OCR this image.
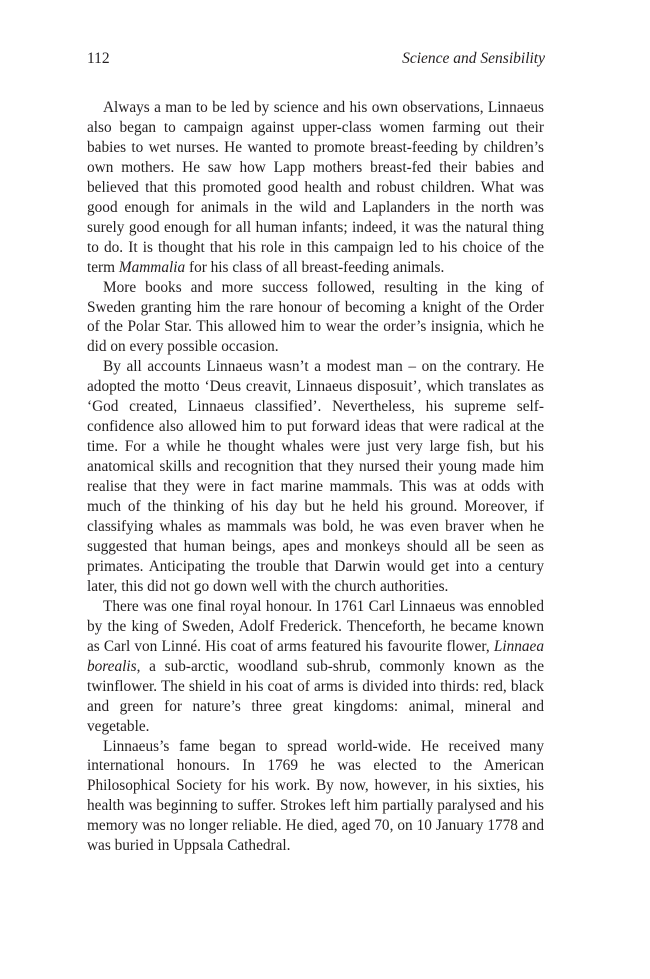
112	Science and Sensibility

Always a man to be led by science and his own observations, Linnaeus also began to campaign against upper-class women farming out their babies to wet nurses. He wanted to promote breast-feeding by children’s own mothers. He saw how Lapp mothers breast-fed their babies and believed that this promoted good health and robust children. What was good enough for animals in the wild and Laplanders in the north was surely good enough for all human infants; indeed, it was the natural thing to do. It is thought that his role in this campaign led to his choice of the term Mammalia for his class of all breast-feeding animals.

More books and more success followed, resulting in the king of Sweden granting him the rare honour of becoming a knight of the Order of the Polar Star. This allowed him to wear the order’s insignia, which he did on every possible occasion.

By all accounts Linnaeus wasn’t a modest man – on the contrary. He adopted the motto ‘Deus creavit, Linnaeus disposuit’, which translates as ‘God created, Linnaeus classified’. Nevertheless, his supreme self-confidence also allowed him to put forward ideas that were radical at the time. For a while he thought whales were just very large fish, but his anatomical skills and recognition that they nursed their young made him realise that they were in fact marine mammals. This was at odds with much of the thinking of his day but he held his ground. Moreover, if classifying whales as mammals was bold, he was even braver when he suggested that human beings, apes and monkeys should all be seen as primates. Anticipating the trouble that Darwin would get into a century later, this did not go down well with the church authorities.

There was one final royal honour. In 1761 Carl Linnaeus was ennobled by the king of Sweden, Adolf Frederick. Thenceforth, he became known as Carl von Linné. His coat of arms featured his favourite flower, Linnaea borealis, a sub-arctic, woodland sub-shrub, commonly known as the twinflower. The shield in his coat of arms is divided into thirds: red, black and green for nature’s three great kingdoms: animal, mineral and vegetable.

Linnaeus’s fame began to spread world-wide. He received many international honours. In 1769 he was elected to the American Philosophical Society for his work. By now, however, in his sixties, his health was beginning to suffer. Strokes left him partially paralysed and his memory was no longer reliable. He died, aged 70, on 10 January 1778 and was buried in Uppsala Cathedral.
